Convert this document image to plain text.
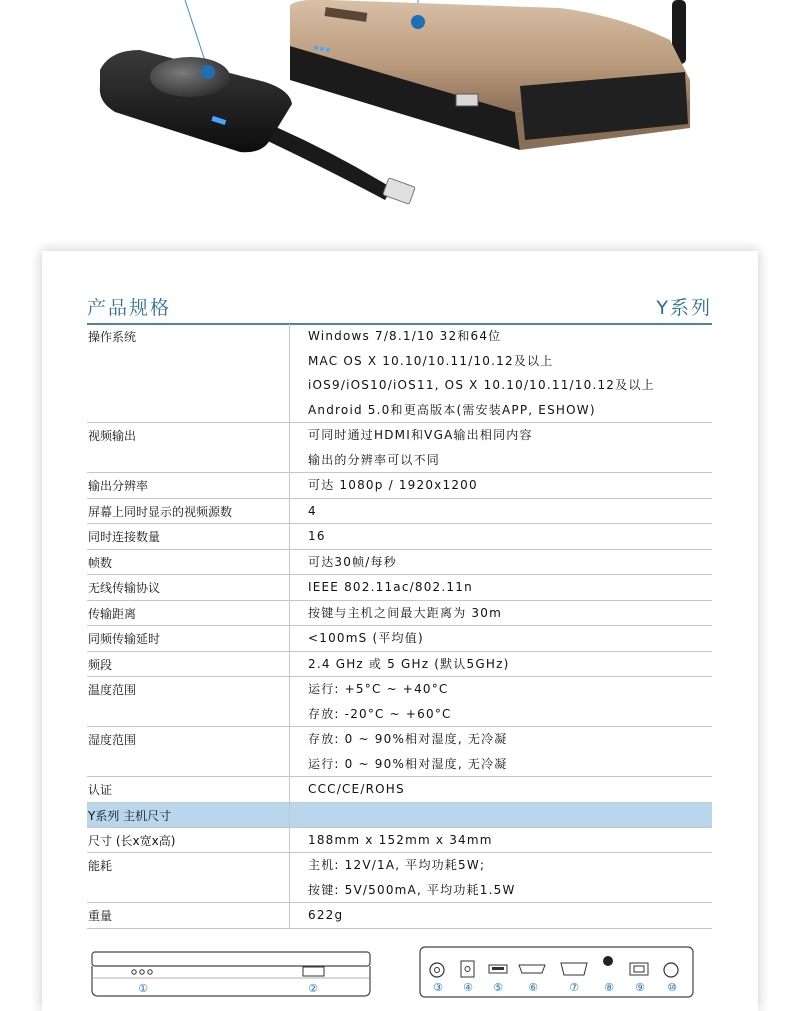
产品规格	Y系列
操作系统	Windows 7/8.1/10 32和64位
MAC OS X 10.10/10.11/10.12及以上
iOS9/iOS10/iOS11, OS X 10.10/10.11/10.12及以上
Android 5.0和更高版本(需安装APP, ESHOW)
视频输出	可同时通过HDMI和VGA输出相同内容
输出的分辨率可以不同
输出分辨率	可达 1080p / 1920x1200
屏幕上同时显示的视频源数	4
同时连接数量	16
帧数	可达30帧/每秒
无线传输协议	IEEE 802.11ac/802.11n
传输距离	按键与主机之间最大距离为 30m
同频传输延时	<100mS (平均值)
频段	2.4 GHz 或 5 GHz (默认5GHz)
温度范围	运行: +5°C ~ +40°C
存放: -20°C ~ +60°C
湿度范围	存放: 0 ~ 90%相对湿度, 无冷凝
运行: 0 ~ 90%相对湿度, 无冷凝
认证	CCC/CE/ROHS
Y系列 主机尺寸
尺寸 (长x宽x高)	188mm x 152mm x 34mm
能耗	主机: 12V/1A, 平均功耗5W;
按键: 5V/500mA, 平均功耗1.5W
重量	622g
①	②	③ ④ ⑤ ⑥	⑦ ⑧ ⑨ ⑩
